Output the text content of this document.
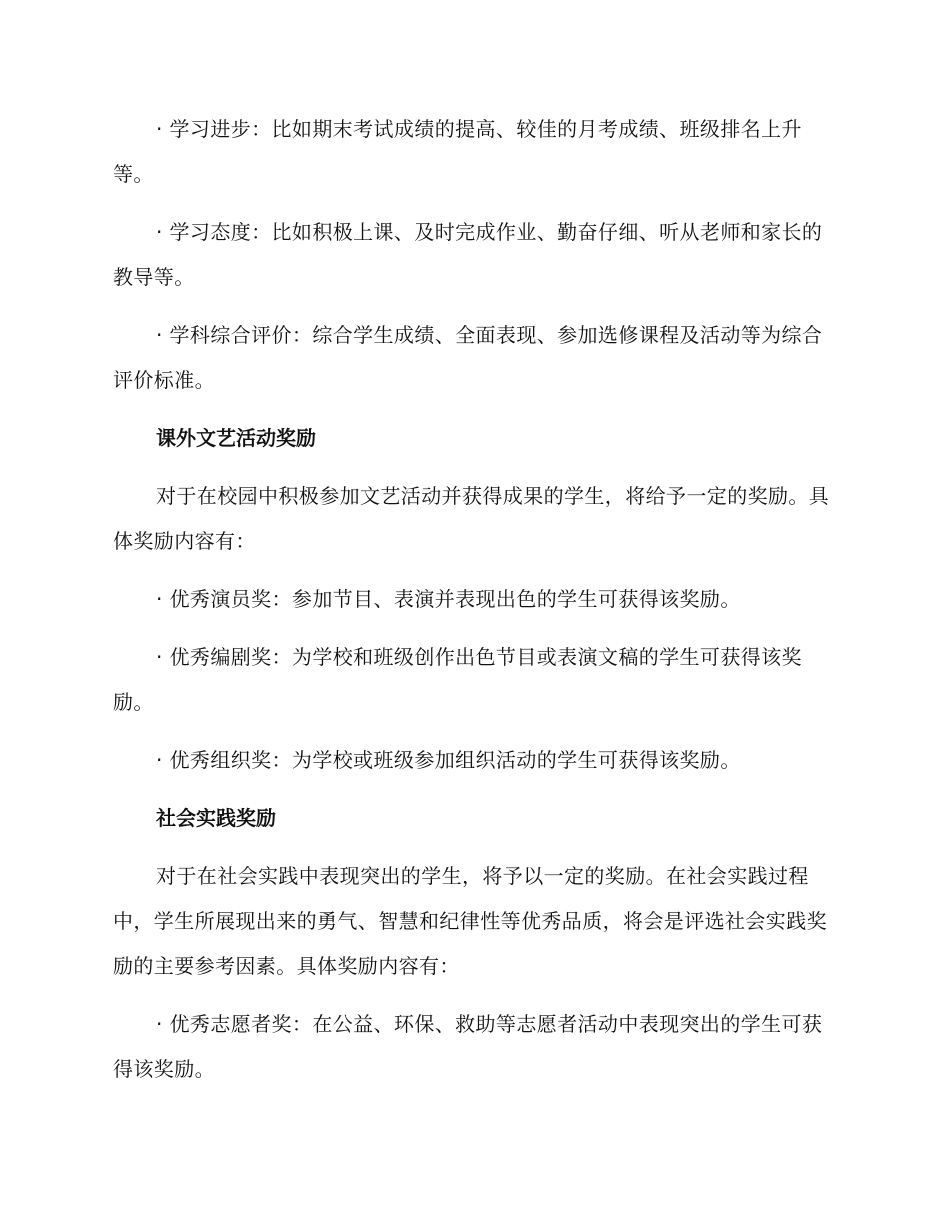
· 学习进步：比如期末考试成绩的提高、较佳的月考成绩、班级排名上升等。

· 学习态度：比如积极上课、及时完成作业、勤奋仔细、听从老师和家长的教导等。

· 学科综合评价：综合学生成绩、全面表现、参加选修课程及活动等为综合评价标准。

课外文艺活动奖励

对于在校园中积极参加文艺活动并获得成果的学生，将给予一定的奖励。具体奖励内容有：

· 优秀演员奖：参加节目、表演并表现出色的学生可获得该奖励。

· 优秀编剧奖：为学校和班级创作出色节目或表演文稿的学生可获得该奖励。

· 优秀组织奖：为学校或班级参加组织活动的学生可获得该奖励。

社会实践奖励

对于在社会实践中表现突出的学生，将予以一定的奖励。在社会实践过程中，学生所展现出来的勇气、智慧和纪律性等优秀品质，将会是评选社会实践奖励的主要参考因素。具体奖励内容有：

· 优秀志愿者奖：在公益、环保、救助等志愿者活动中表现突出的学生可获得该奖励。
